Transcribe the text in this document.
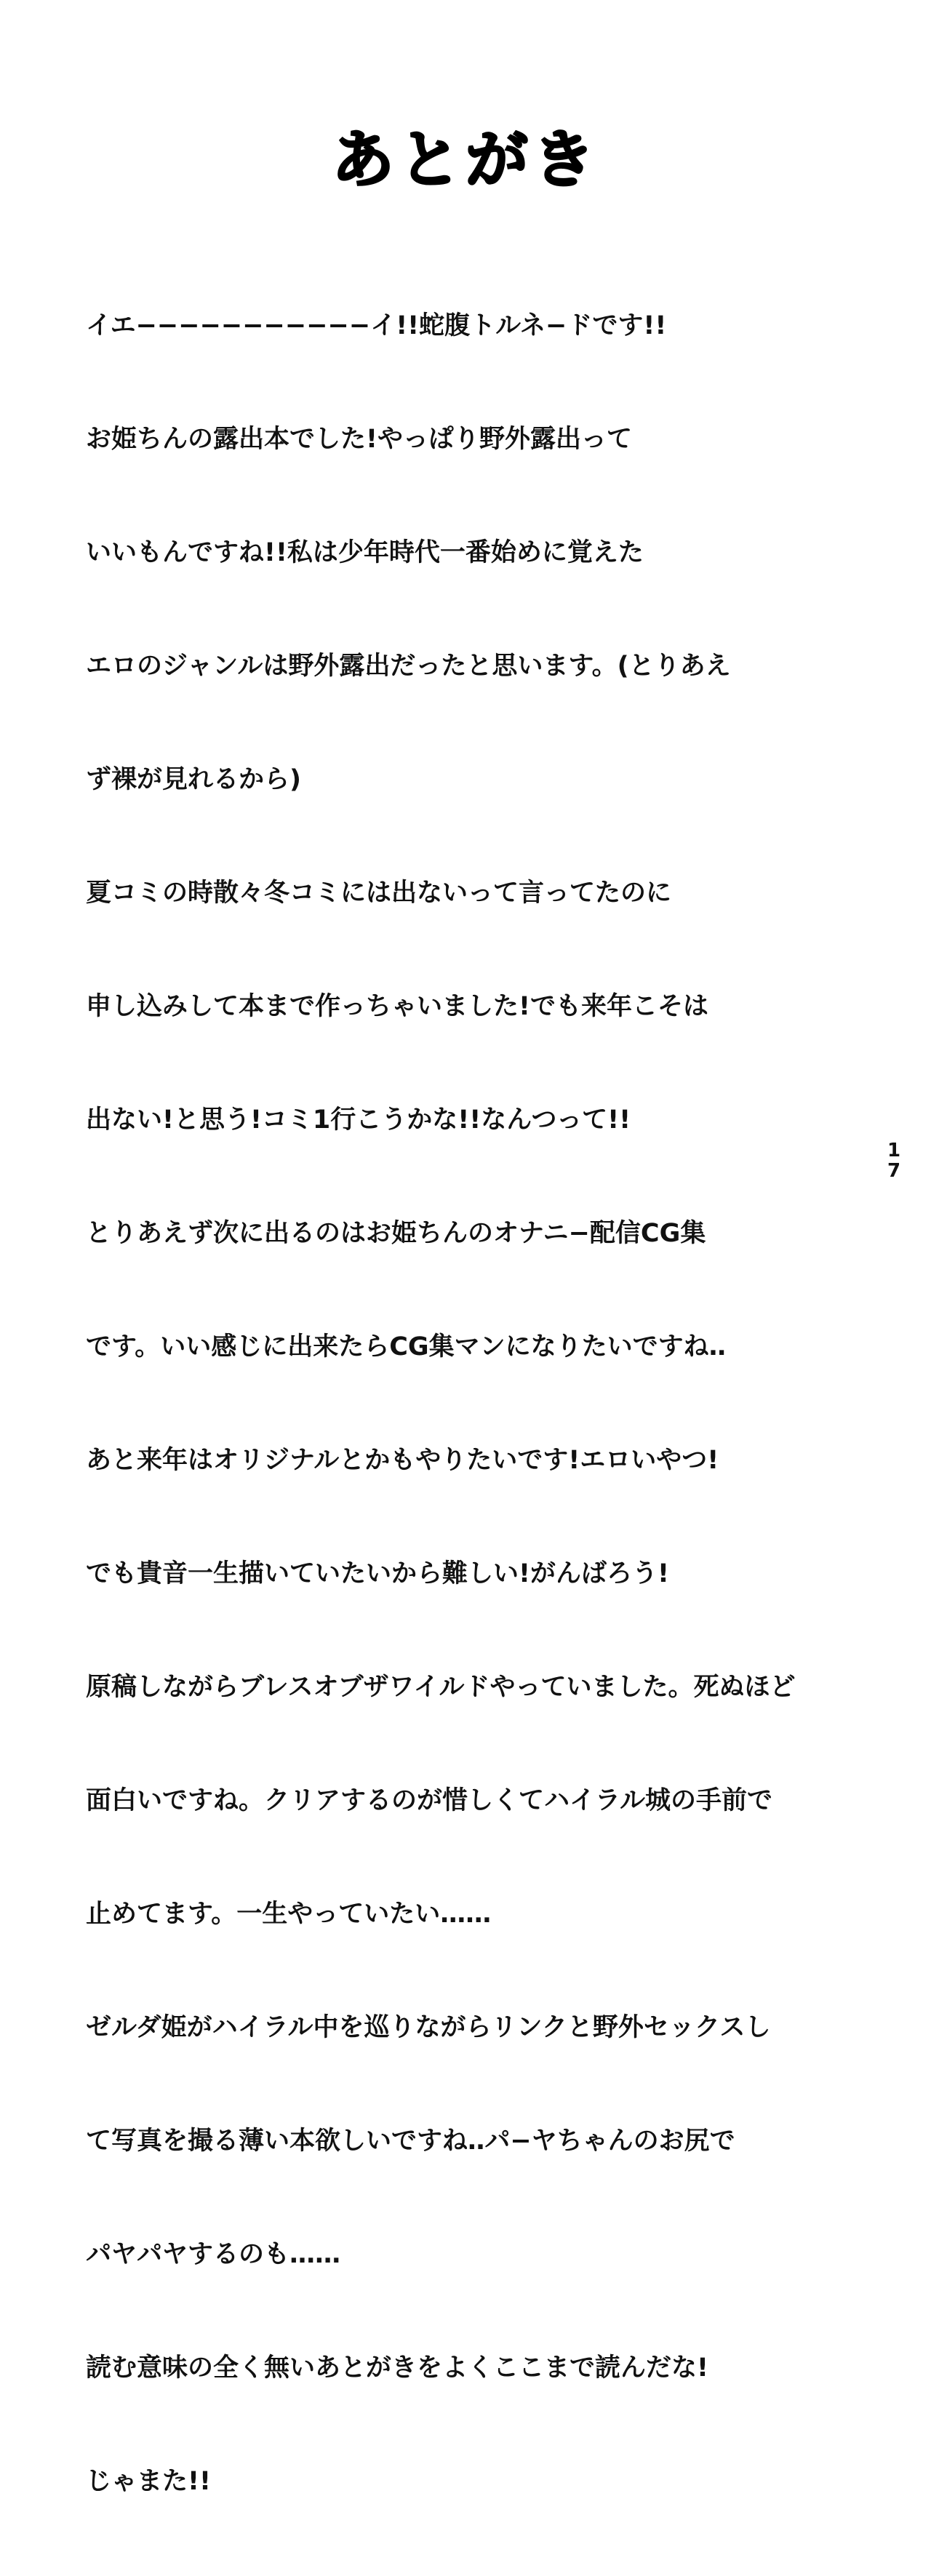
あとがき

イエ−−−−−−−−−−−イ!!蛇腹トルネ−ドです!!

お姫ちんの露出本でした!やっぱり野外露出って

いいもんですね!!私は少年時代一番始めに覚えた

エロのジャンルは野外露出だったと思います。(とりあえ

ず裸が見れるから)

夏コミの時散々冬コミには出ないって言ってたのに

申し込みして本まで作っちゃいました!でも来年こそは

出ない!と思う!コミ1行こうかな!!なんつって!!

とりあえず次に出るのはお姫ちんのオナニ−配信CG集

です。いい感じに出来たらCG集マンになりたいですね‥

あと来年はオリジナルとかもやりたいです!エロいやつ!

でも貴音一生描いていたいから難しい!がんばろう!

原稿しながらブレスオブザワイルドやっていました。死ぬほど

面白いですね。クリアするのが惜しくてハイラル城の手前で

止めてます。一生やっていたい‥‥‥

ゼルダ姫がハイラル中を巡りながらリンクと野外セックスし

て写真を撮る薄い本欲しいですね‥パ−ヤちゃんのお尻で

パヤパヤするのも‥‥‥

読む意味の全く無いあとがきをよくここまで読んだな!

じゃまた!!

1
7
